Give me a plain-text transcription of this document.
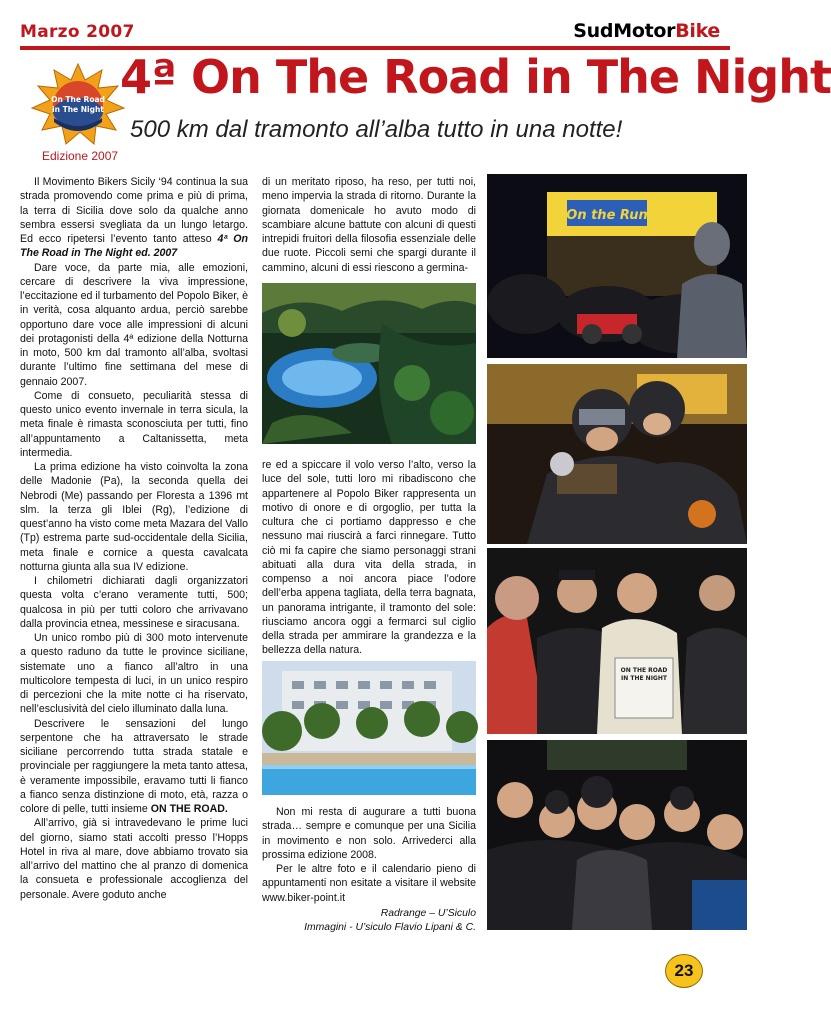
Marzo 2007	SudMotorBike
On The Road
in The Night
Edizione 2007
4ª On The Road in The Night
500 km dal tramonto all’alba tutto in una notte!

Il Movimento Bikers Sicily ‘94 continua la sua strada promovendo come prima e più di prima, la terra di Sicilia dove solo da qualche anno sembra essersi svegliata da un lungo letargo. Ed ecco ripetersi l’evento tanto atteso 4ª On The Road in The Night ed. 2007

Dare voce, da parte mia, alle emozioni, cercare di descrivere la viva impressione, l’eccitazione ed il turbamento del Popolo Biker, è in verità, cosa alquanto ardua, perciò sarebbe opportuno dare voce alle impressioni di alcuni dei protagonisti della 4ª edizione della Notturna in moto, 500 km dal tramonto all’alba, svoltasi durante l’ultimo fine settimana del mese di gennaio 2007.

Come di consueto, peculiarità stessa di questo unico evento invernale in terra sicula, la meta finale è rimasta sconosciuta per tutti, fino all’appuntamento a Caltanissetta, meta intermedia.

La prima edizione ha visto coinvolta la zona delle Madonie (Pa), la seconda quella dei Nebrodi (Me) passando per Floresta a 1396 mt slm. la terza gli Iblei (Rg), l’edizione di quest’anno ha visto come meta Mazara del Vallo (Tp) estrema parte sud-occidentale della Sicilia, meta finale e cornice a questa cavalcata notturna giunta alla sua IV edizione.

I chilometri dichiarati dagli organizzatori questa volta c’erano veramente tutti, 500; qualcosa in più per tutti coloro che arrivavano dalla provincia etnea, messinese e siracusana.

Un unico rombo più di 300 moto intervenute a questo raduno da tutte le province siciliane, sistemate uno a fianco all’altro in una multicolore tempesta di luci, in un unico respiro di percezioni che la mite notte ci ha riservato, nell’esclusività del cielo illuminato dalla luna.

Descrivere le sensazioni del lungo serpentone che ha attraversato le strade siciliane percorrendo tutta strada statale e provinciale per raggiungere la meta tanto attesa, è veramente impossibile, eravamo tutti li fianco a fianco senza distinzione di moto, età, razza o colore di pelle, tutti insieme ON THE ROAD.

All’arrivo, già si intravedevano le prime luci del giorno, siamo stati accolti presso l’Hopps Hotel in riva al mare, dove abbiamo trovato sia all’arrivo del mattino che al pranzo di domenica la consueta e professionale accoglienza del personale. Avere goduto anche

di un meritato riposo, ha reso, per tutti noi, meno impervia la strada di ritorno. Durante la giornata domenicale ho avuto modo di scambiare alcune battute con alcuni di questi intrepidi fruitori della filosofia essenziale delle due ruote. Piccoli semi che spargi durante il cammino, alcuni di essi riescono a germina-

re ed a spiccare il volo verso l’alto, verso la luce del sole, tutti loro mi ribadiscono che appartenere al Popolo Biker rappresenta un motivo di onore e di orgoglio, per tutta la cultura che ci portiamo dappresso e che nessuno mai riuscirà a farci rinnegare. Tutto ciò mi fa capire che siamo personaggi strani abituati alla dura vita della strada, in compenso a noi ancora piace l’odore dell’erba appena tagliata, della terra bagnata, un panorama intrigante, il tramonto del sole: riusciamo ancora oggi a fermarci sul ciglio della strada per ammirare la grandezza e la bellezza della natura.

Non mi resta di augurare a tutti buona strada… sempre e comunque per una Sicilia in movimento e non solo. Arrivederci alla prossima edizione 2008.

Per le altre foto e il calendario pieno di appuntamenti non esitate a visitare il website www.biker-point.it

Radrange – U’Siculo
Immagini - U’siculo Flavio Lipani & C.
On the Run
ON THE ROAD
IN THE NIGHT
23
